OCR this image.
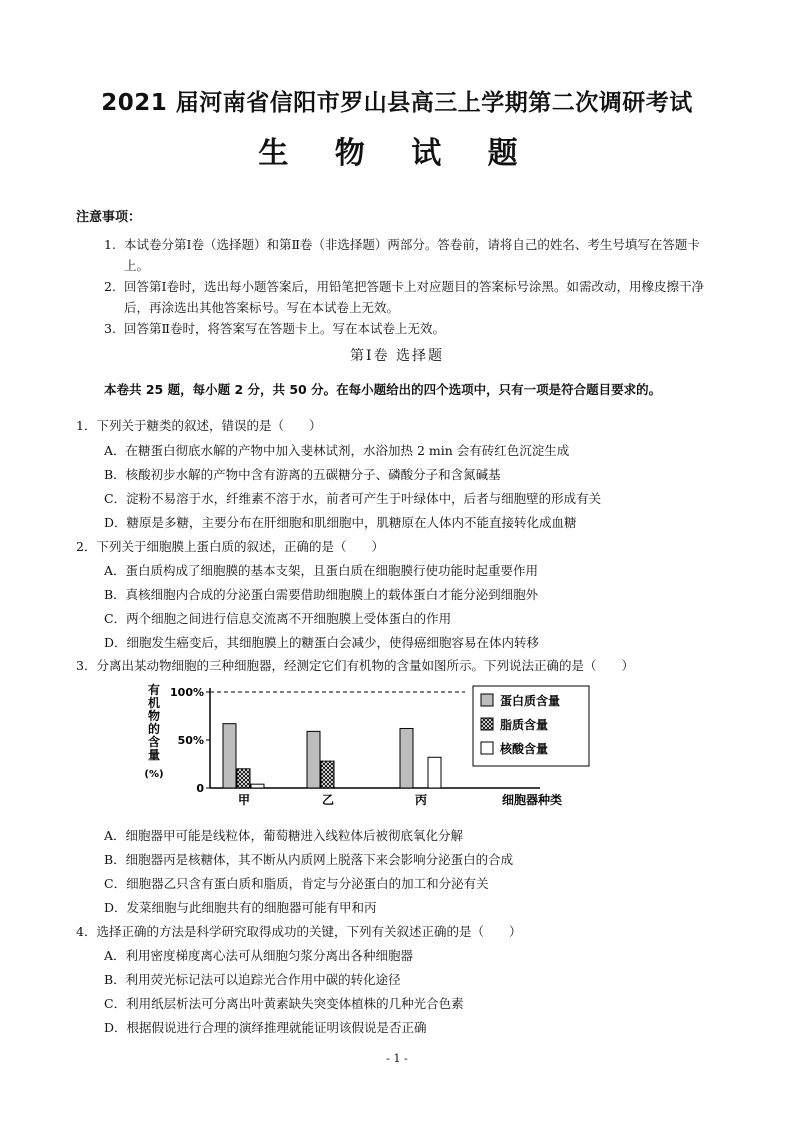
2021 届河南省信阳市罗山县高三上学期第二次调研考试
生 物 试 题
注意事项：
1. 本试卷分第Ⅰ卷（选择题）和第Ⅱ卷（非选择题）两部分。答卷前，请将自己的姓名、考生号填写在答题卡上。
2. 回答第Ⅰ卷时，选出每小题答案后，用铅笔把答题卡上对应题目的答案标号涂黑。如需改动，用橡皮擦干净后，再涂选出其他答案标号。写在本试卷上无效。
3. 回答第Ⅱ卷时，将答案写在答题卡上。写在本试卷上无效。
第Ⅰ卷 选择题
本卷共 25 题，每小题 2 分，共 50 分。在每小题给出的四个选项中，只有一项是符合题目要求的。
1．下列关于糖类的叙述，错误的是（　　）
A．在糖蛋白彻底水解的产物中加入斐林试剂，水浴加热 2 min 会有砖红色沉淀生成
B．核酸初步水解的产物中含有游离的五碳糖分子、磷酸分子和含氮碱基
C．淀粉不易溶于水，纤维素不溶于水，前者可产生于叶绿体中，后者与细胞壁的形成有关
D．糖原是多糖，主要分布在肝细胞和肌细胞中，肌糖原在人体内不能直接转化成血糖
2．下列关于细胞膜上蛋白质的叙述，正确的是（　　）
A．蛋白质构成了细胞膜的基本支架，且蛋白质在细胞膜行使功能时起重要作用
B．真核细胞内合成的分泌蛋白需要借助细胞膜上的载体蛋白才能分泌到细胞外
C．两个细胞之间进行信息交流离不开细胞膜上受体蛋白的作用
D．细胞发生癌变后，其细胞膜上的糖蛋白会减少，使得癌细胞容易在体内转移
3．分离出某动物细胞的三种细胞器，经测定它们有机物的含量如图所示。下列说法正确的是（　　）
有机物的含量(%)
100%
50%
0
甲	乙	丙	细胞器种类
蛋白质含量
脂质含量
核酸含量
A．细胞器甲可能是线粒体，葡萄糖进入线粒体后被彻底氧化分解
B．细胞器丙是核糖体，其不断从内质网上脱落下来会影响分泌蛋白的合成
C．细胞器乙只含有蛋白质和脂质，肯定与分泌蛋白的加工和分泌有关
D．发菜细胞与此细胞共有的细胞器可能有甲和丙
4．选择正确的方法是科学研究取得成功的关键，下列有关叙述正确的是（　　）
A．利用密度梯度离心法可从细胞匀浆分离出各种细胞器
B．利用荧光标记法可以追踪光合作用中碳的转化途径
C．利用纸层析法可分离出叶黄素缺失突变体植株的几种光合色素
D．根据假说进行合理的演绎推理就能证明该假说是否正确
- 1 -
